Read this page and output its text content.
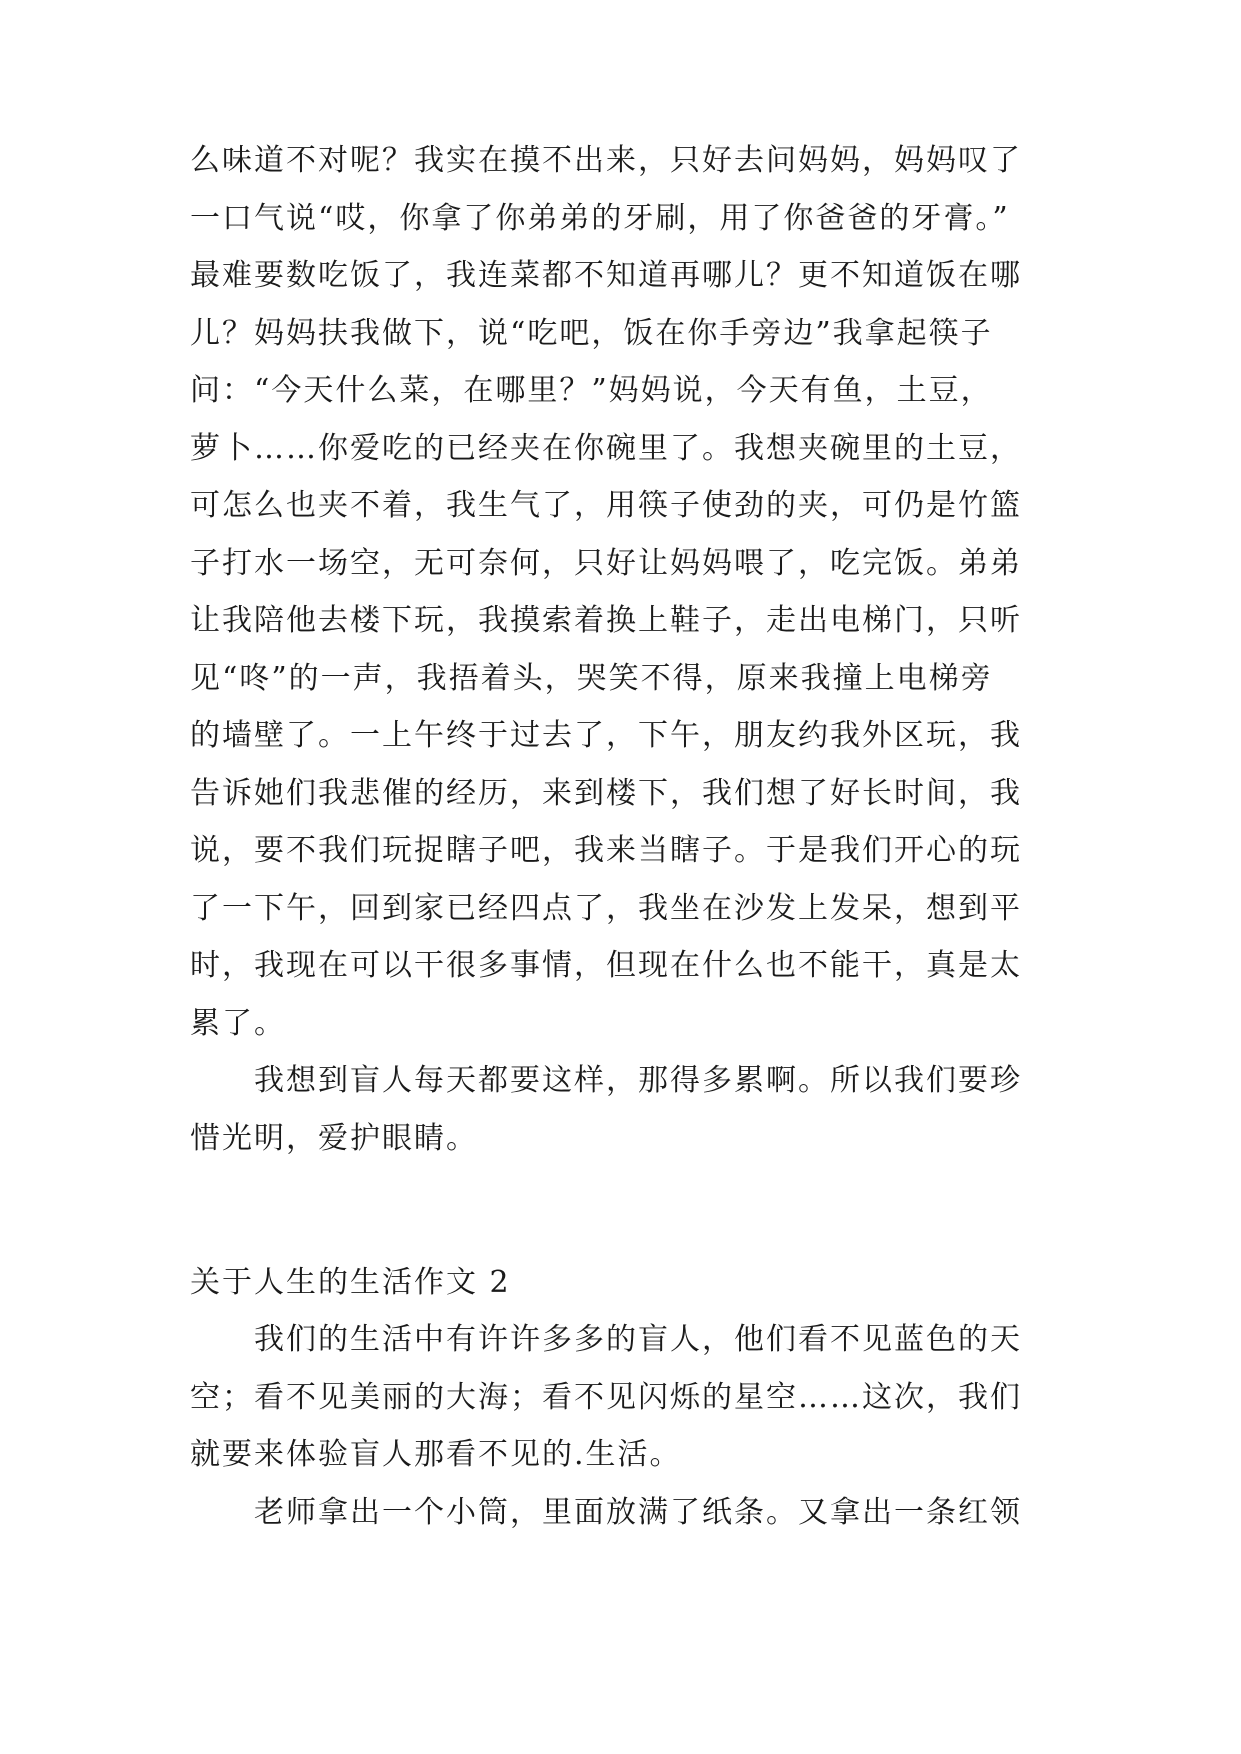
么味道不对呢？我实在摸不出来，只好去问妈妈，妈妈叹了
一口气说“哎，你拿了你弟弟的牙刷，用了你爸爸的牙膏。”
最难要数吃饭了，我连菜都不知道再哪儿？更不知道饭在哪
儿？妈妈扶我做下，说“吃吧，饭在你手旁边”我拿起筷子
问：“今天什么菜，在哪里？”妈妈说，今天有鱼，土豆，
萝卜……你爱吃的已经夹在你碗里了。我想夹碗里的土豆，
可怎么也夹不着，我生气了，用筷子使劲的夹，可仍是竹篮
子打水一场空，无可奈何，只好让妈妈喂了，吃完饭。弟弟
让我陪他去楼下玩，我摸索着换上鞋子，走出电梯门，只听
见“咚”的一声，我捂着头，哭笑不得，原来我撞上电梯旁
的墙壁了。一上午终于过去了，下午，朋友约我外区玩，我
告诉她们我悲催的经历，来到楼下，我们想了好长时间，我
说，要不我们玩捉瞎子吧，我来当瞎子。于是我们开心的玩
了一下午，回到家已经四点了，我坐在沙发上发呆，想到平
时，我现在可以干很多事情，但现在什么也不能干，真是太
累了。
　　我想到盲人每天都要这样，那得多累啊。所以我们要珍
惜光明，爱护眼睛。
关于人生的生活作文 2
　　我们的生活中有许许多多的盲人，他们看不见蓝色的天
空；看不见美丽的大海；看不见闪烁的星空……这次，我们
就要来体验盲人那看不见的.生活。
　　老师拿出一个小筒，里面放满了纸条。又拿出一条红领
